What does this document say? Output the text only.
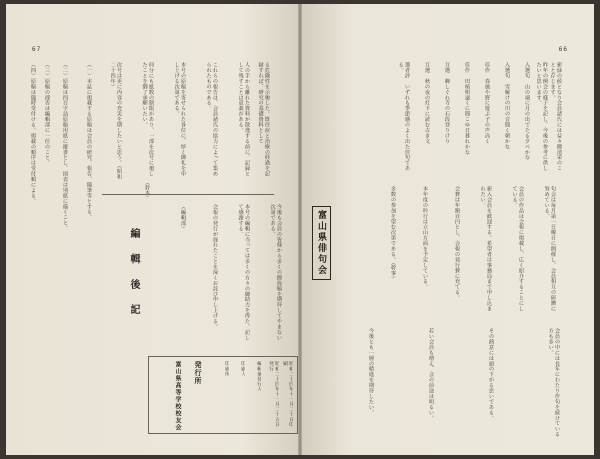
67
る危険性を示唆した。既往症と治療の経過を記録すれば、研究の基礎資料として
人の手から離れた資料が散逸する前に、記録として残すことは意義がある。
これらの報告は、会員諸氏の協力によって集められたものである。
本号の原稿を寄せられた各位に、厚く御礼を申し上げる次第である。
何分にも紙数の制限があり、一部を次号に廻したことを御了承願いたい。
次号は更に内容の充実を期したいと思う。（昭和二十四年）
（鈴木）
（一）本誌に掲載する原稿は会員の研究、報告、随筆等とする。
（二）原稿は四百字詰原稿用紙に縦書とし、図表は別紙に描くこと。
（三）原稿の採否は編輯部に一任のこと。
（四）原稿は随時受付ける。掲載の順序は受付順による。
編 輯 後 記	今後も会員の皆様から多くの御投稿を期待してやまない次第である。
本号の編輯に当っては多くの方々の御助力を得た。記して感謝する。
会報の発行が遅れたことを深くお詫び申し上げる。
（編輯部）
昭和二十四年十一月二十日印刷
昭和二十四年十一月二十五日発行
編輯兼発行人
印刷人
印刷所
発行所
富山県高等学校校友会
66
新緑の候となり会員諸氏には益々御清栄のことと存じます。
昨年の例会の様子を記し、今後の参考に供したいと思います。
入選句　山の端に月の出でたる夕べかな
入選句　雪解けの川の音聞く朝かな
佳作　春風や野に遊ぶ子の声高く
佳作　田植唄遠くに聞こゆ日暮れかな
互選　蝉しぐれ寺の石段登りけり
互選　秋の夜の灯下に読む古き文
選者評　いずれも季節感のよく出た佳句である。
富山県俳句会	句会は毎月第一日曜日に開催し、会員相互の研鑽に努めている。
会員の作品は会報に掲載し、広く紹介することにしている。
新入会員を歓迎する。希望者は事務局まで申し込まれたい。
会費は年額百円とし、会報の発行費に充てる。
本年度の吟行は立山方面を予定している。
多数の参加を望む次第である。（幹事）
会員の中には長年にわたり作句を続けている方も多い。
その熱意には頭の下がる思いである。
若い会員も増え、会の前途は明るい。
今後とも一層の精進を期待したい。
